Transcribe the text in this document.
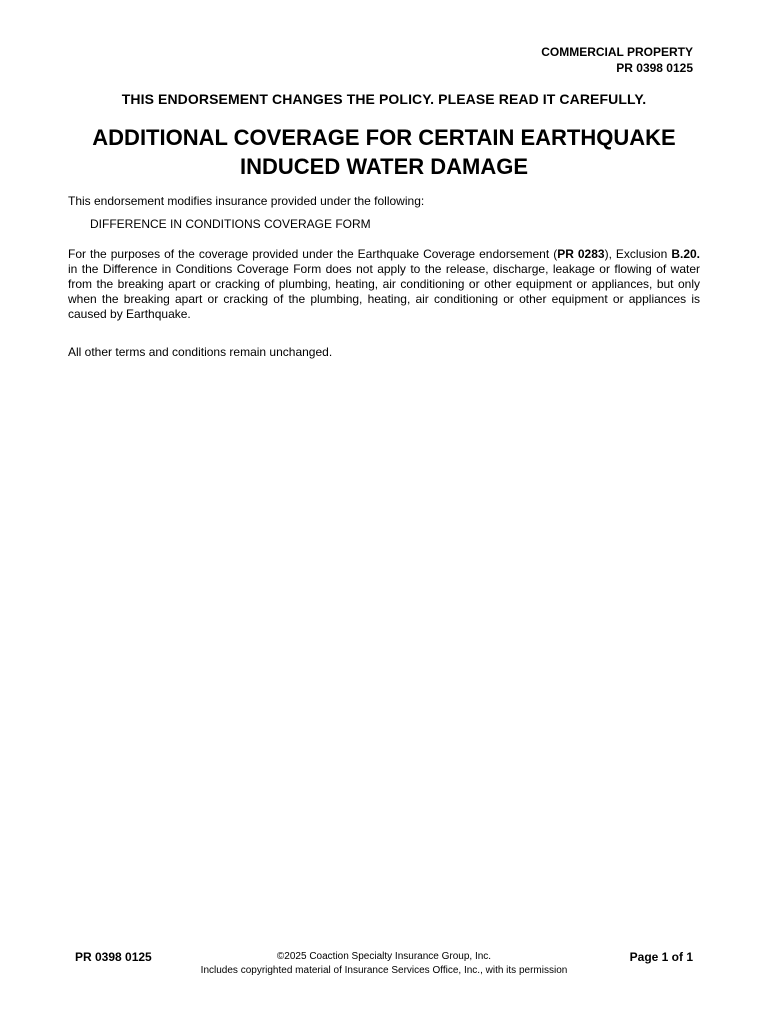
COMMERCIAL PROPERTY
PR 0398 0125
THIS ENDORSEMENT CHANGES THE POLICY. PLEASE READ IT CAREFULLY.
ADDITIONAL COVERAGE FOR CERTAIN EARTHQUAKE
INDUCED WATER DAMAGE
This endorsement modifies insurance provided under the following:
DIFFERENCE IN CONDITIONS COVERAGE FORM
For the purposes of the coverage provided under the Earthquake Coverage endorsement (PR 0283), Exclusion B.20. in the Difference in Conditions Coverage Form does not apply to the release, discharge, leakage or flowing of water from the breaking apart or cracking of plumbing, heating, air conditioning or other equipment or appliances, but only when the breaking apart or cracking of the plumbing, heating, air conditioning or other equipment or appliances is caused by Earthquake.
All other terms and conditions remain unchanged.
PR 0398 0125	©2025 Coaction Specialty Insurance Group, Inc.
Includes copyrighted material of Insurance Services Office, Inc., with its permission
Page 1 of 1
